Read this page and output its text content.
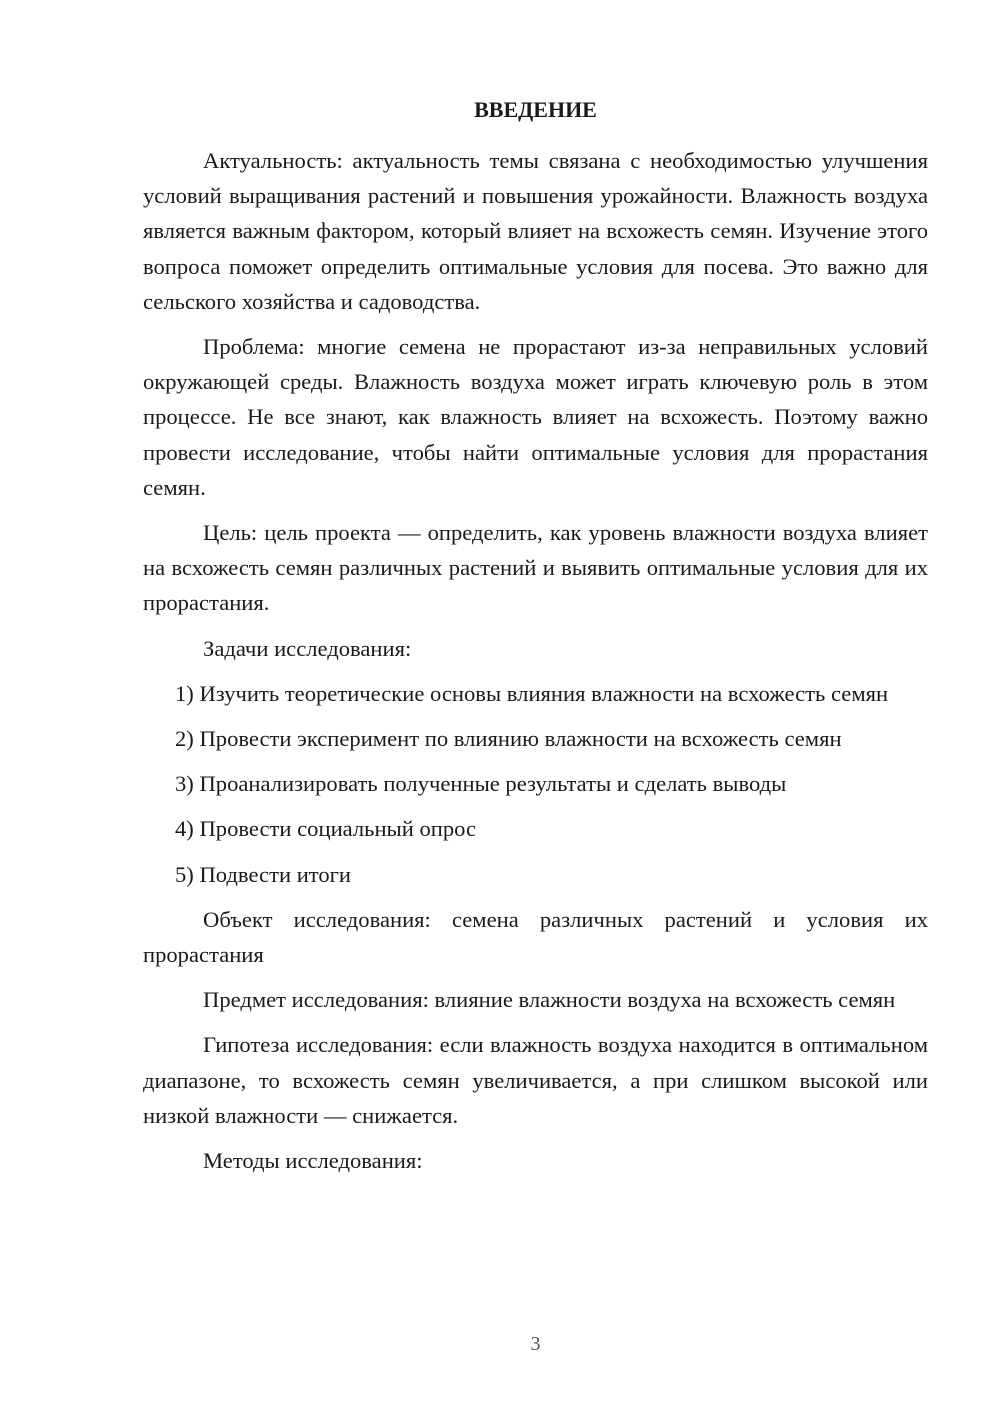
ВВЕДЕНИЕ

Актуальность: актуальность темы связана с необходимостью улучшения условий выращивания растений и повышения урожайности. Влажность воздуха является важным фактором, который влияет на всхожесть семян. Изучение этого вопроса поможет определить оптимальные условия для посева. Это важно для сельского хозяйства и садоводства.

Проблема: многие семена не прорастают из-за неправильных условий окружающей среды. Влажность воздуха может играть ключевую роль в этом процессе. Не все знают, как влажность влияет на всхожесть. Поэтому важно провести исследование, чтобы найти оптимальные условия для прорастания семян.

Цель: цель проекта — определить, как уровень влажности воздуха влияет на всхожесть семян различных растений и выявить оптимальные условия для их прорастания.

Задачи исследования:

1) Изучить теоретические основы влияния влажности на всхожесть семян

2) Провести эксперимент по влиянию влажности на всхожесть семян

3) Проанализировать полученные результаты и сделать выводы

4) Провести социальный опрос

5) Подвести итоги

Объект исследования: семена различных растений и условия их прорастания

Предмет исследования: влияние влажности воздуха на всхожесть семян

Гипотеза исследования: если влажность воздуха находится в оптимальном диапазоне, то всхожесть семян увеличивается, а при слишком высокой или низкой влажности — снижается.

Методы исследования:

3
